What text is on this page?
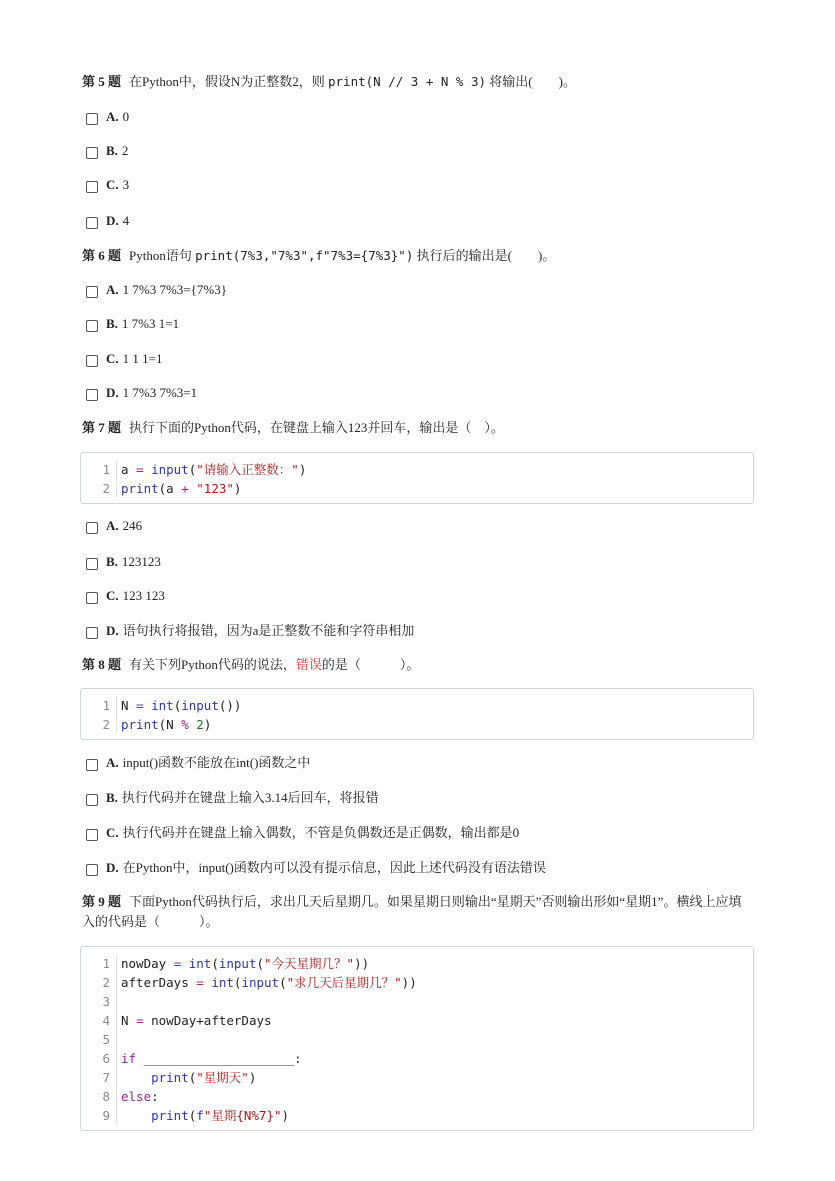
第 5 题 在Python中，假设N为正整数2，则 print(N // 3 + N % 3) 将输出(　　)。
A. 0
B. 2
C. 3
D. 4
第 6 题 Python语句 print(7%3,"7%3",f"7%3={7%3}") 执行后的输出是(　　)。
A. 1 7%3 7%3={7%3}
B. 1 7%3 1=1
C. 1 1 1=1
D. 1 7%3 7%3=1
第 7 题 执行下面的Python代码，在键盘上输入123并回车，输出是（　）。
1 a = input("请输入正整数：")
2 print(a + "123")
A. 246
B. 123123
C. 123 123
D. 语句执行将报错，因为a是正整数不能和字符串相加
第 8 题 有关下列Python代码的说法，错误的是（　　　）。
1 N = int(input())
2 print(N % 2)
A. input()函数不能放在int()函数之中
B. 执行代码并在键盘上输入3.14后回车，将报错
C. 执行代码并在键盘上输入偶数，不管是负偶数还是正偶数，输出都是0
D. 在Python中，input()函数内可以没有提示信息，因此上述代码没有语法错误
第 9 题 下面Python代码执行后，求出几天后星期几。如果星期日则输出“星期天”否则输出形如“星期1”。横线上应填入的代码是（　　　）。
1 nowDay = int(input("今天星期几？"))
2 afterDays = int(input("求几天后星期几？"))
3
4 N = nowDay+afterDays
5
6 if ____________________:
7	print("星期天")
8 else:
9	print(f"星期{N%7}")
